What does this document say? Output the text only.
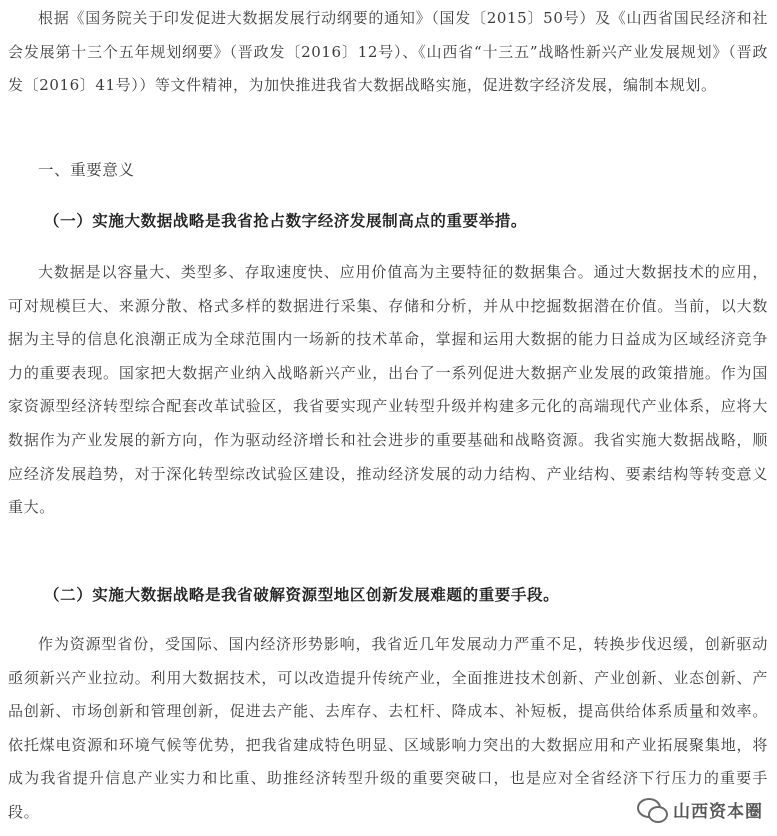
根据《国务院关于印发促进大数据发展行动纲要的通知》（国发〔2015〕50号）及《山西省国民经济和社会发展第十三个五年规划纲要》（晋政发〔2016〕12号）、《山西省“十三五”战略性新兴产业发展规划》（晋政发〔2016〕41号））等文件精神，为加快推进我省大数据战略实施，促进数字经济发展，编制本规划。

一、重要意义

（一）实施大数据战略是我省抢占数字经济发展制高点的重要举措。

大数据是以容量大、类型多、存取速度快、应用价值高为主要特征的数据集合。通过大数据技术的应用，可对规模巨大、来源分散、格式多样的数据进行采集、存储和分析，并从中挖掘数据潜在价值。当前，以大数据为主导的信息化浪潮正成为全球范围内一场新的技术革命，掌握和运用大数据的能力日益成为区域经济竞争力的重要表现。国家把大数据产业纳入战略新兴产业，出台了一系列促进大数据产业发展的政策措施。作为国家资源型经济转型综合配套改革试验区，我省要实现产业转型升级并构建多元化的高端现代产业体系，应将大数据作为产业发展的新方向，作为驱动经济增长和社会进步的重要基础和战略资源。我省实施大数据战略，顺应经济发展趋势，对于深化转型综改试验区建设，推动经济发展的动力结构、产业结构、要素结构等转变意义重大。

（二）实施大数据战略是我省破解资源型地区创新发展难题的重要手段。

作为资源型省份，受国际、国内经济形势影响，我省近几年发展动力严重不足，转换步伐迟缓，创新驱动亟须新兴产业拉动。利用大数据技术，可以改造提升传统产业，全面推进技术创新、产业创新、业态创新、产品创新、市场创新和管理创新，促进去产能、去库存、去杠杆、降成本、补短板，提高供给体系质量和效率。依托煤电资源和环境气候等优势，把我省建成特色明显、区域影响力突出的大数据应用和产业拓展聚集地，将成为我省提升信息产业实力和比重、助推经济转型升级的重要突破口，也是应对全省经济下行压力的重要手段。	山西资本圈
